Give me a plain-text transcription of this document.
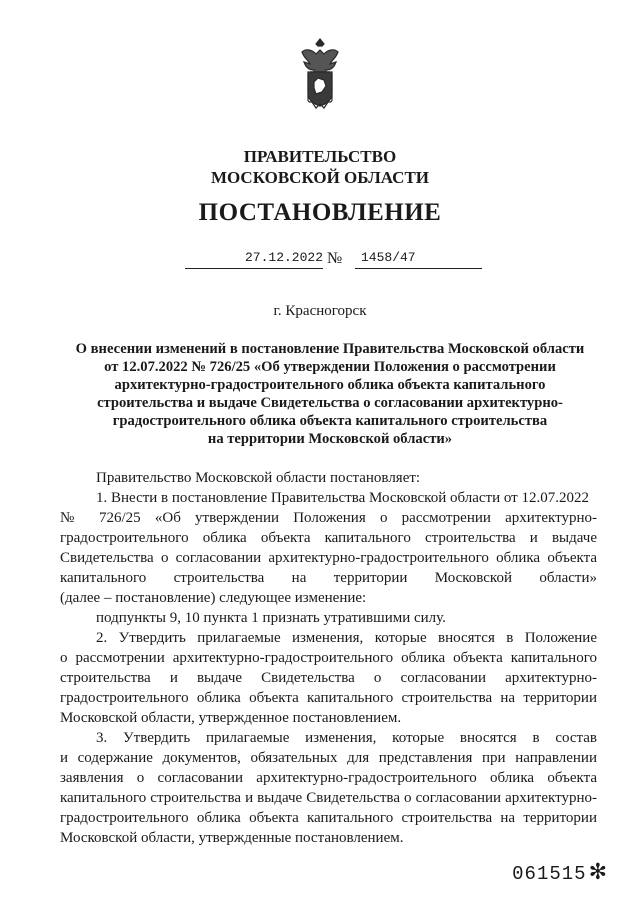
ПРАВИТЕЛЬСТВО
МОСКОВСКОЙ ОБЛАСТИ
ПОСТАНОВЛЕНИЕ
27.12.2022 № 1458/47
г. Красногорск
О внесении изменений в постановление Правительства Московской области
от 12.07.2022 № 726/25 «Об утверждении Положения о рассмотрении
архитектурно-градостроительного облика объекта капитального
строительства и выдаче Свидетельства о согласовании архитектурно-
градостроительного облика объекта капитального строительства
на территории Московской области»

Правительство Московской области постановляет:

1. Внести в постановление Правительства Московской области от 12.07.2022

№ 726/25 «Об утверждении Положения о рассмотрении архитектурно-

градостроительного облика объекта капитального строительства и выдаче

Свидетельства о согласовании архитектурно-градостроительного облика объекта

капитального строительства на территории Московской области»

(далее – постановление) следующее изменение:

подпункты 9, 10 пункта 1 признать утратившими силу.

2. Утвердить прилагаемые изменения, которые вносятся в Положение

о рассмотрении архитектурно-градостроительного облика объекта капитального

строительства и выдаче Свидетельства о согласовании архитектурно-

градостроительного облика объекта капитального строительства на территории

Московской области, утвержденное постановлением.

3. Утвердить прилагаемые изменения, которые вносятся в состав

и содержание документов, обязательных для представления при направлении

заявления о согласовании архитектурно-градостроительного облика объекта

капитального строительства и выдаче Свидетельства о согласовании архитектурно-

градостроительного облика объекта капитального строительства на территории

Московской области, утвержденные постановлением.

061515✻
